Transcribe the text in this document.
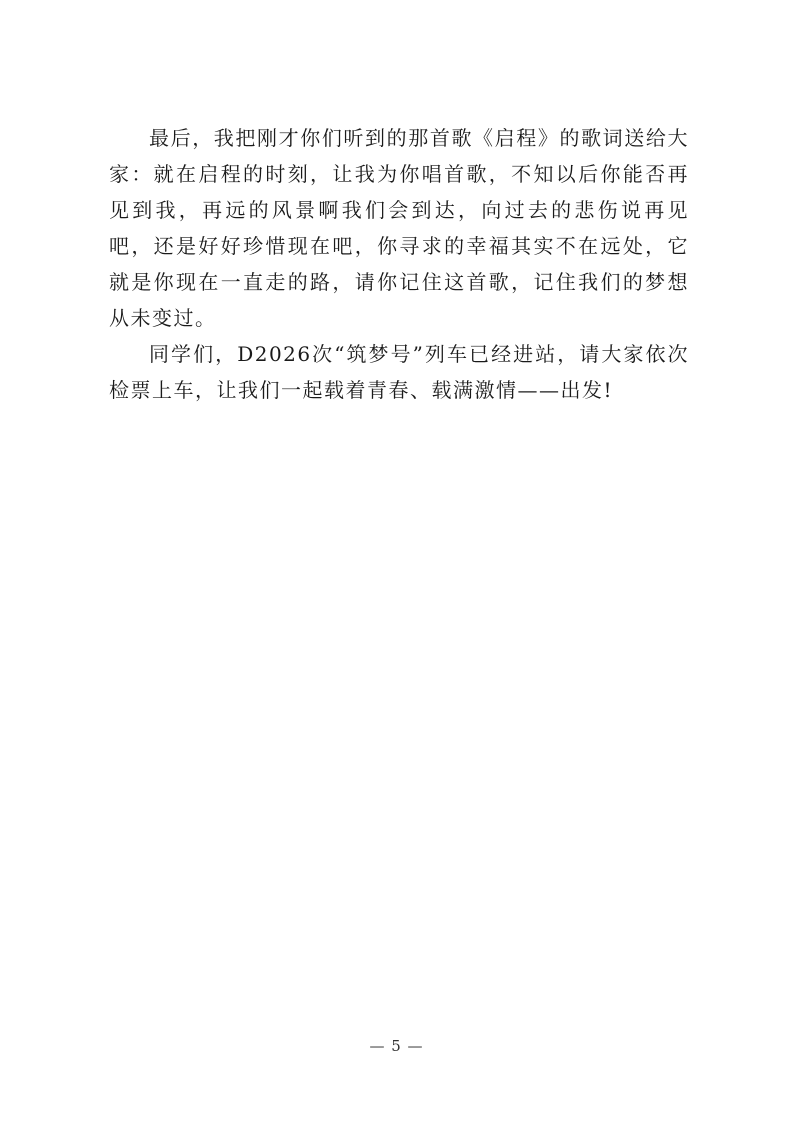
最后，我把刚才你们听到的那首歌《启程》的歌词送给大家：就在启程的时刻，让我为你唱首歌，不知以后你能否再见到我，再远的风景啊我们会到达，向过去的悲伤说再见吧，还是好好珍惜现在吧，你寻求的幸福其实不在远处，它就是你现在一直走的路，请你记住这首歌，记住我们的梦想从未变过。

同学们，D2026次“筑梦号”列车已经进站，请大家依次检票上车，让我们一起载着青春、载满激情——出发!

— 5 —
